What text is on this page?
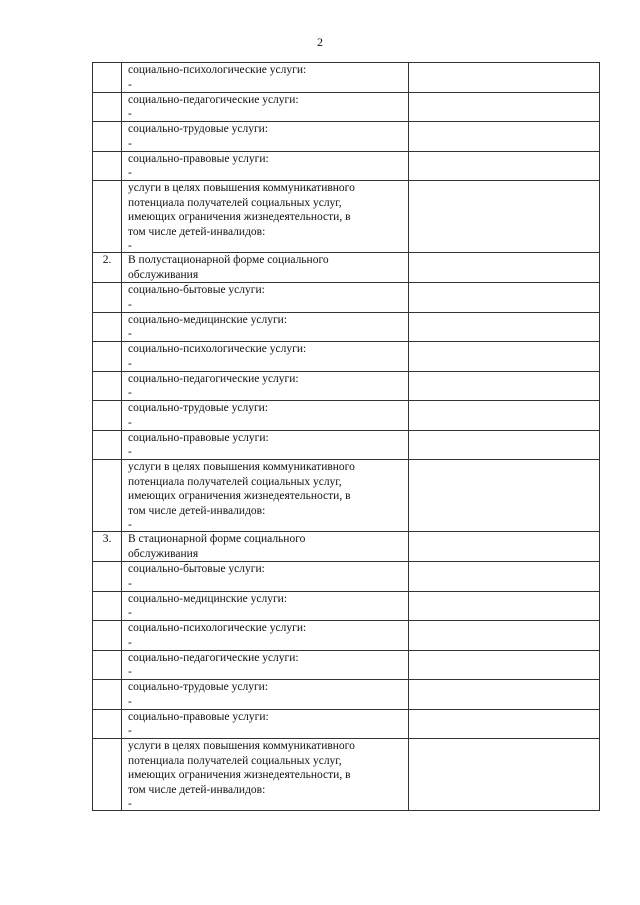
2

	социально-психологические услуги:
-	

	социально-педагогические услуги:
-	

	социально-трудовые услуги:
-	

	социально-правовые услуги:
-	

	услуги в целях повышения коммуникативного
потенциала получателей социальных услуг,
имеющих ограничения жизнедеятельности, в
том числе детей-инвалидов:
-	

2.	В полустационарной форме социального
обслуживания	

	социально-бытовые услуги:
-	

	социально-медицинские услуги:
-	

	социально-психологические услуги:
-	

	социально-педагогические услуги:
-	

	социально-трудовые услуги:
-	

	социально-правовые услуги:
-	

	услуги в целях повышения коммуникативного
потенциала получателей социальных услуг,
имеющих ограничения жизнедеятельности, в
том числе детей-инвалидов:
-	

3.	В стационарной форме социального
обслуживания	

	социально-бытовые услуги:
-	

	социально-медицинские услуги:
-	

	социально-психологические услуги:
-	

	социально-педагогические услуги:
-	

	социально-трудовые услуги:
-	

	социально-правовые услуги:
-	

	услуги в целях повышения коммуникативного
потенциала получателей социальных услуг,
имеющих ограничения жизнедеятельности, в
том числе детей-инвалидов:
-	
